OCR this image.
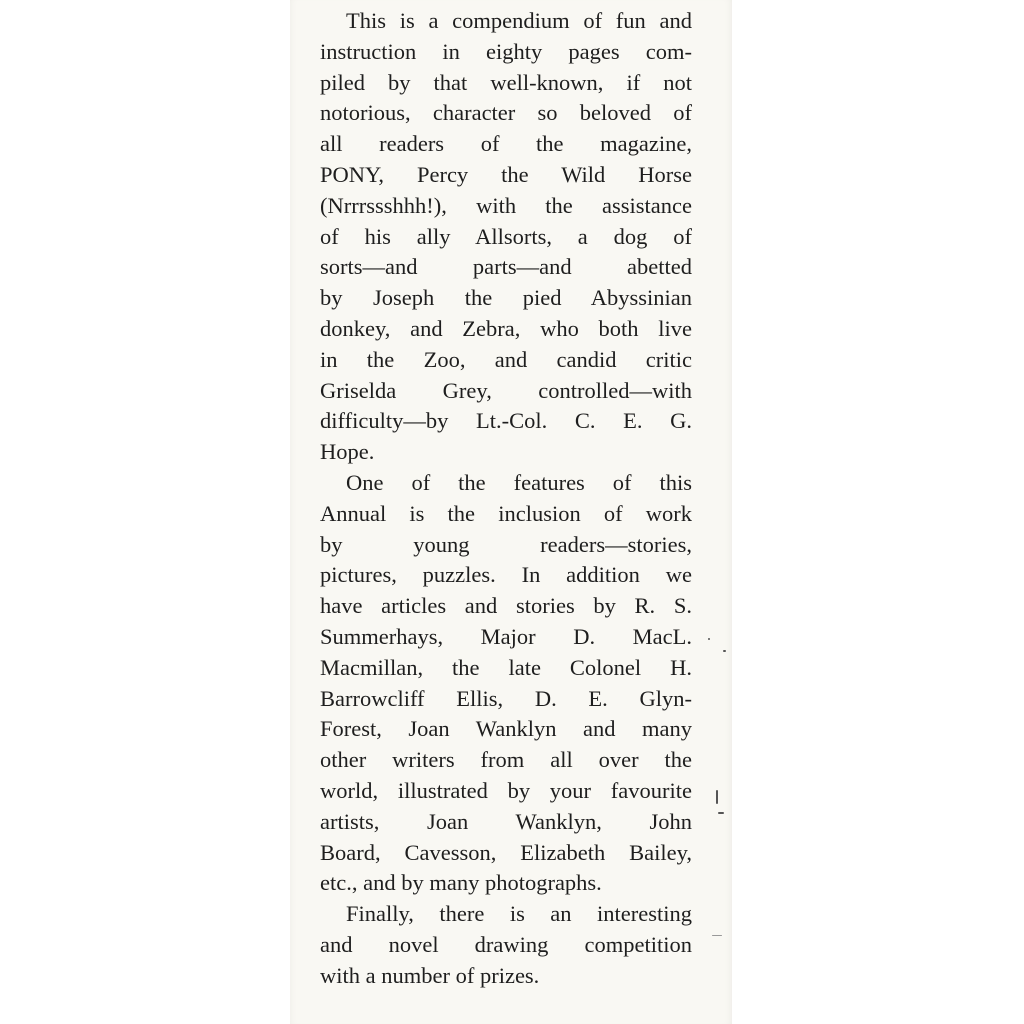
This is a compendium of fun and
instruction in eighty pages com-
piled by that well-known, if not
notorious, character so beloved of
all readers of the magazine,
PONY, Percy the Wild Horse
(Nrrrssshhh!), with the assistance
of his ally Allsorts, a dog of
sorts—and parts—and abetted
by Joseph the pied Abyssinian
donkey, and Zebra, who both live
in the Zoo, and candid critic
Griselda Grey, controlled—with
difficulty—by Lt.-Col. C. E. G.
Hope.
One of the features of this
Annual is the inclusion of work
by young readers—stories,
pictures, puzzles. In addition we
have articles and stories by R. S.
Summerhays, Major D. MacL.
Macmillan, the late Colonel H.
Barrowcliff Ellis, D. E. Glyn-
Forest, Joan Wanklyn and many
other writers from all over the
world, illustrated by your favourite
artists, Joan Wanklyn, John
Board, Cavesson, Elizabeth Bailey,
etc., and by many photographs.
Finally, there is an interesting
and novel drawing competition
with a number of prizes.
